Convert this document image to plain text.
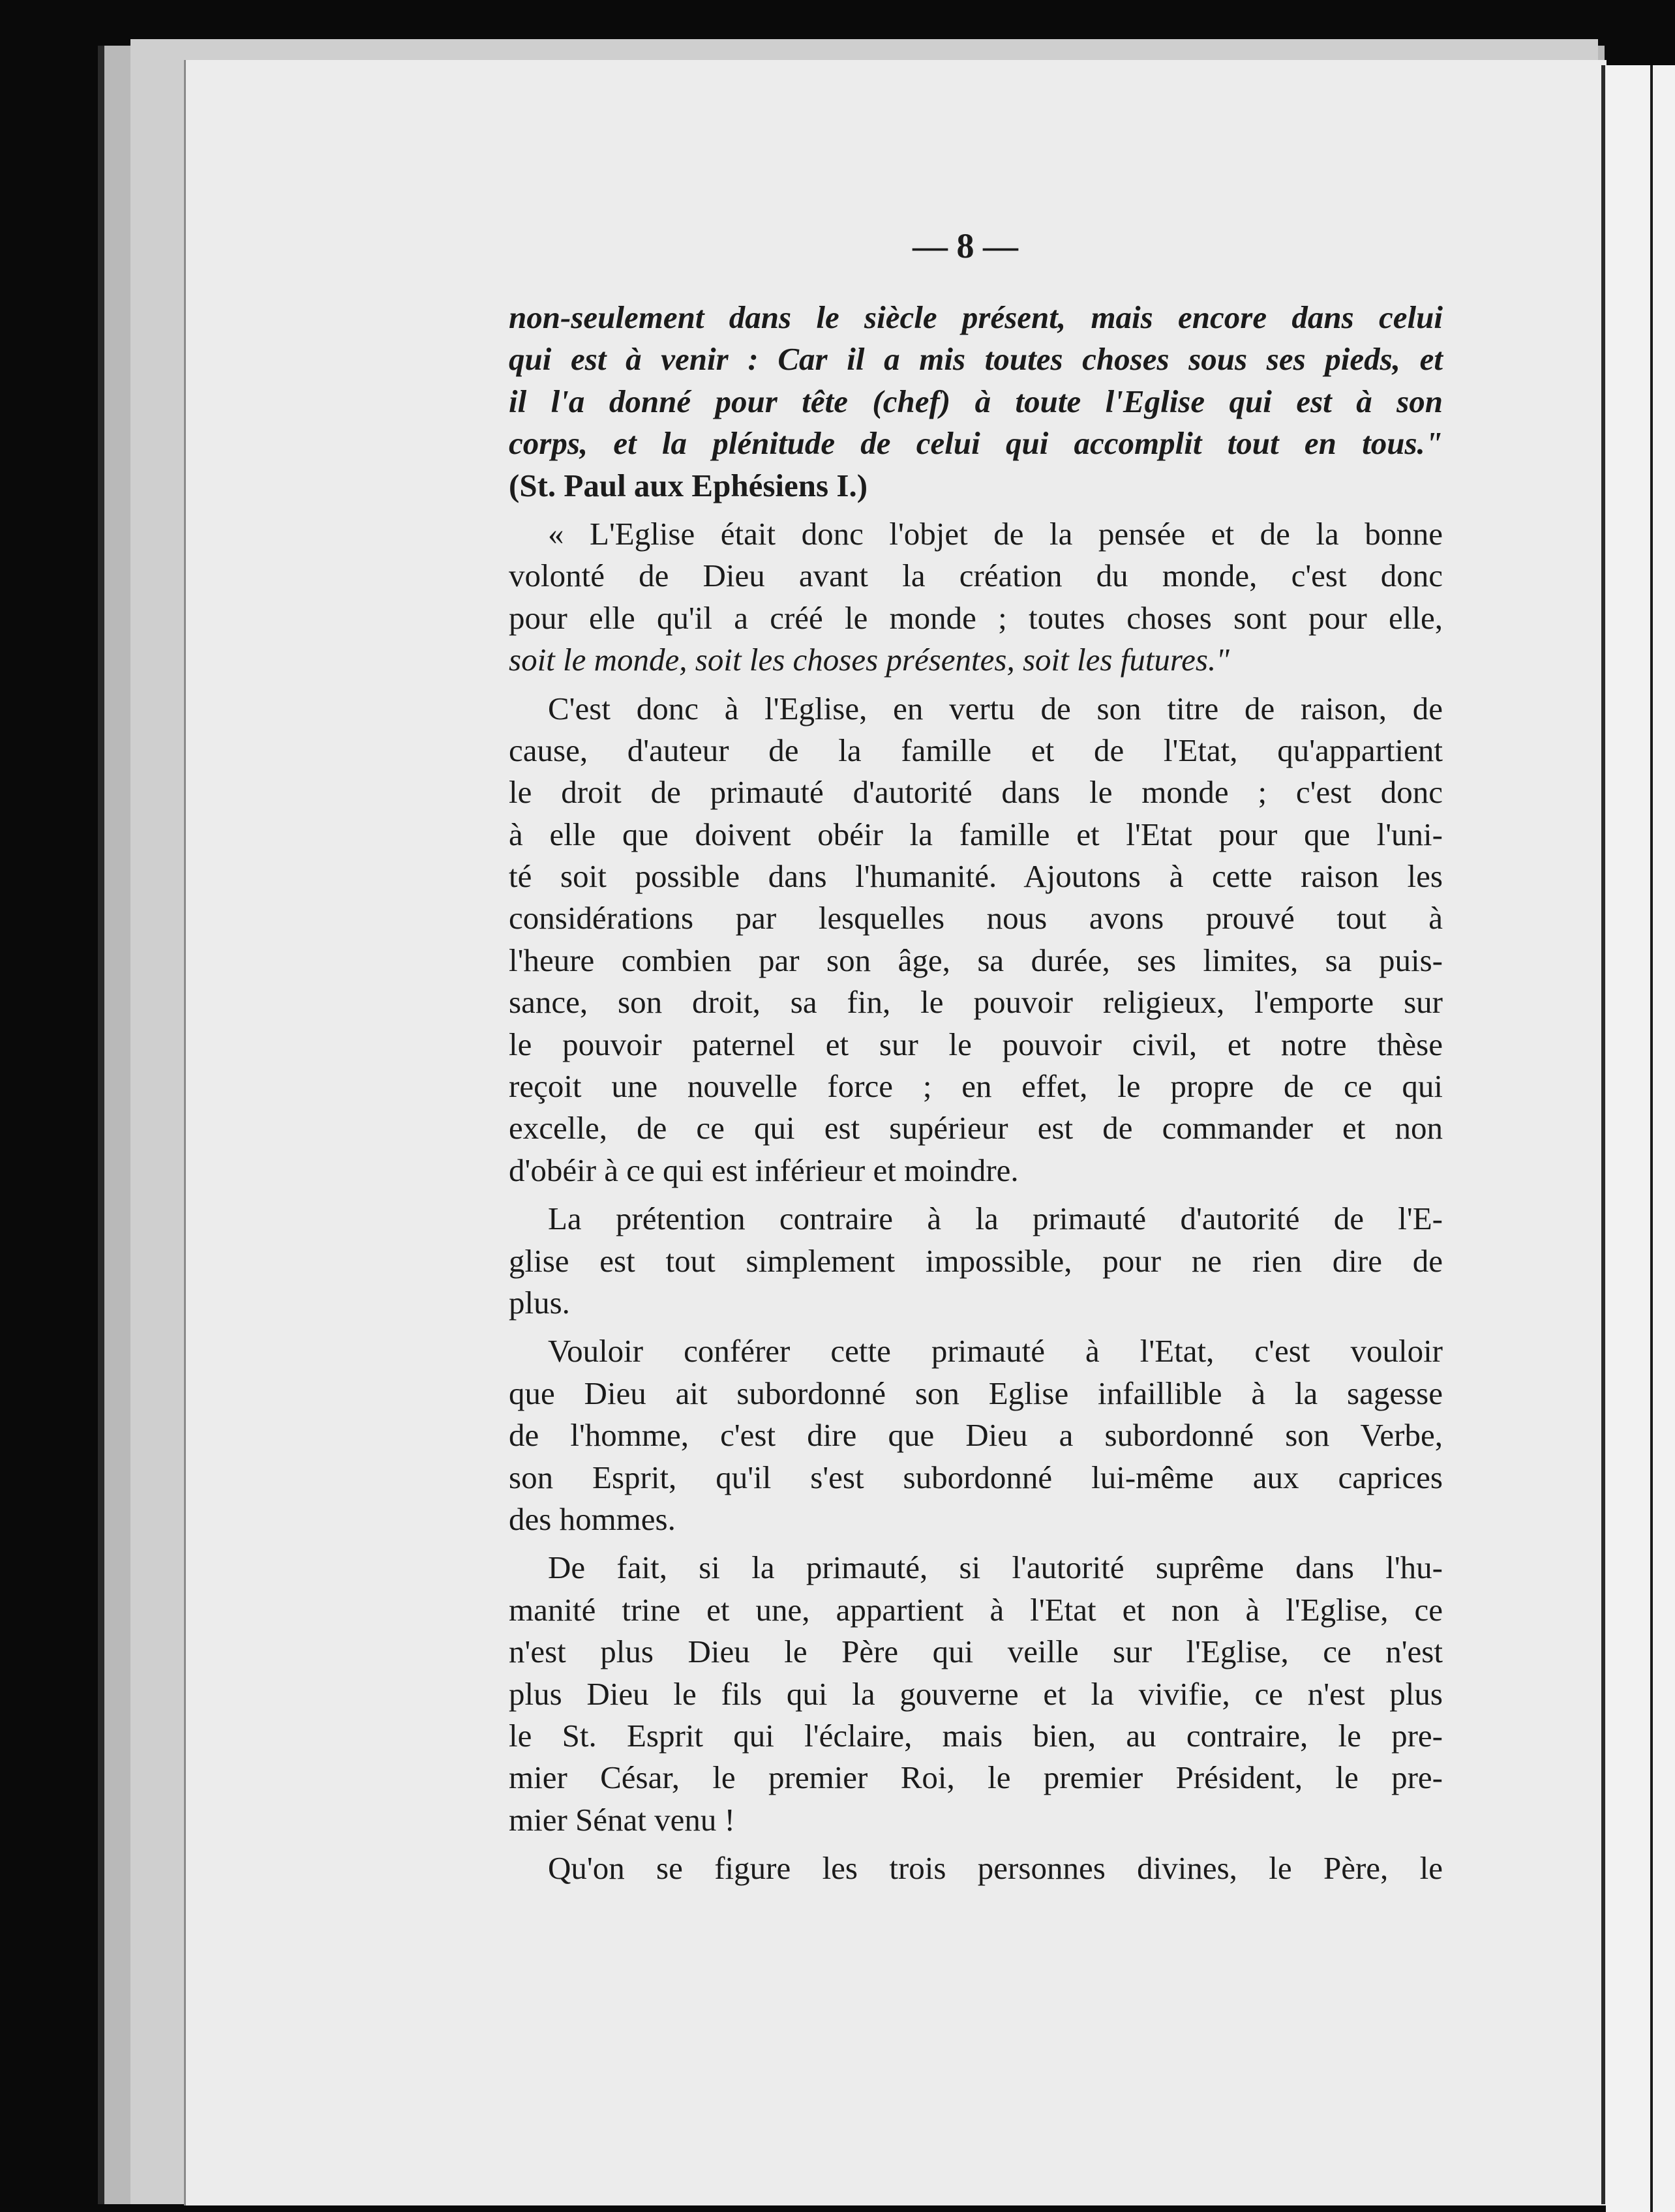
— 8 —
non-seulement dans le siècle présent, mais encore dans celui
qui est à venir : Car il a mis toutes choses sous ses pieds, et
il l'a donné pour tête (chef) à toute l'Eglise qui est à son
corps, et la plénitude de celui qui accomplit tout en tous."
(St. Paul aux Ephésiens I.)
« L'Eglise était donc l'objet de la pensée et de la bonne
volonté de Dieu avant la création du monde, c'est donc
pour elle qu'il a créé le monde ; toutes choses sont pour elle,
soit le monde, soit les choses présentes, soit les futures."
C'est donc à l'Eglise, en vertu de son titre de raison, de
cause, d'auteur de la famille et de l'Etat, qu'appartient
le droit de primauté d'autorité dans le monde ; c'est donc
à elle que doivent obéir la famille et l'Etat pour que l'uni-
té soit possible dans l'humanité. Ajoutons à cette raison les
considérations par lesquelles nous avons prouvé tout à
l'heure combien par son âge, sa durée, ses limites, sa puis-
sance, son droit, sa fin, le pouvoir religieux, l'emporte sur
le pouvoir paternel et sur le pouvoir civil, et notre thèse
reçoit une nouvelle force ; en effet, le propre de ce qui
excelle, de ce qui est supérieur est de commander et non
d'obéir à ce qui est inférieur et moindre.
La prétention contraire à la primauté d'autorité de l'E-
glise est tout simplement impossible, pour ne rien dire de
plus.
Vouloir conférer cette primauté à l'Etat, c'est vouloir
que Dieu ait subordonné son Eglise infaillible à la sagesse
de l'homme, c'est dire que Dieu a subordonné son Verbe,
son Esprit, qu'il s'est subordonné lui-même aux caprices
des hommes.
De fait, si la primauté, si l'autorité suprême dans l'hu-
manité trine et une, appartient à l'Etat et non à l'Eglise, ce
n'est plus Dieu le Père qui veille sur l'Eglise, ce n'est
plus Dieu le fils qui la gouverne et la vivifie, ce n'est plus
le St. Esprit qui l'éclaire, mais bien, au contraire, le pre-
mier César, le premier Roi, le premier Président, le pre-
mier Sénat venu !
Qu'on se figure les trois personnes divines, le Père, le
